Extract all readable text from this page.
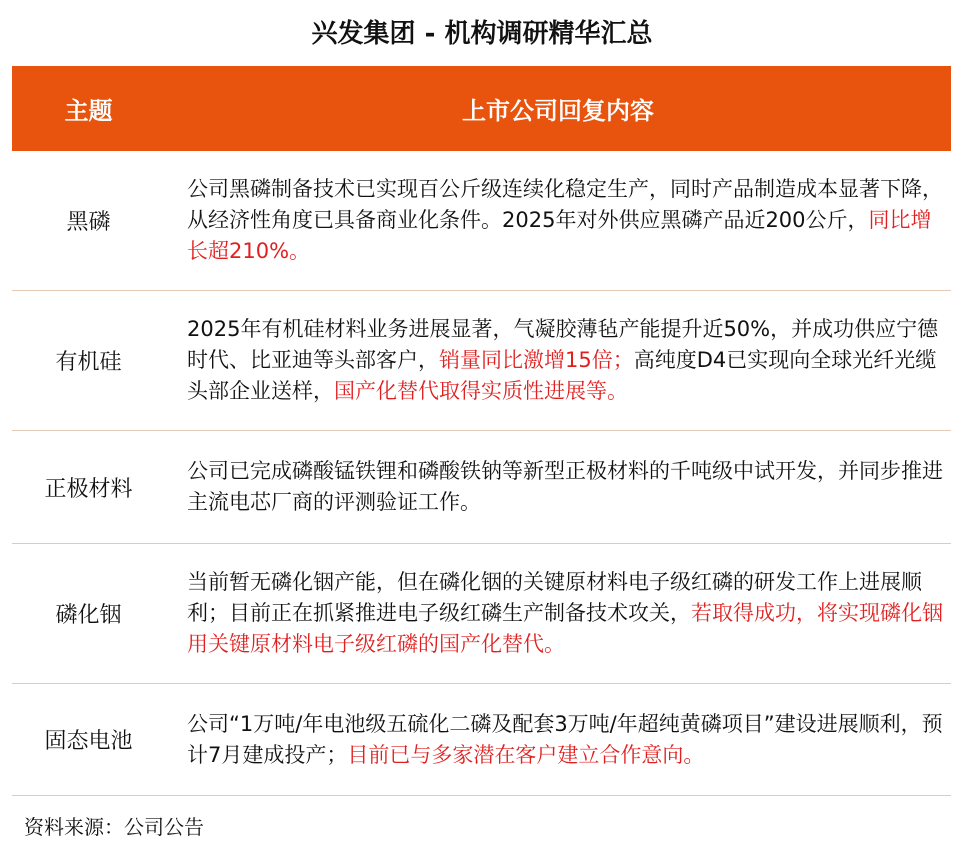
兴发集团 - 机构调研精华汇总
主题	上市公司回复内容
黑磷
公司黑磷制备技术已实现百公斤级连续化稳定生产，同时产品制造成本显著下降，从经济性角度已具备商业化条件。2025年对外供应黑磷产品近200公斤，同比增长超210%。
有机硅
2025年有机硅材料业务进展显著，气凝胶薄毡产能提升近50%，并成功供应宁德时代、比亚迪等头部客户，销量同比激增15倍；高纯度D4已实现向全球光纤光缆头部企业送样，国产化替代取得实质性进展等。
正极材料
公司已完成磷酸锰铁锂和磷酸铁钠等新型正极材料的千吨级中试开发，并同步推进主流电芯厂商的评测验证工作。
磷化铟
当前暂无磷化铟产能，但在磷化铟的关键原材料电子级红磷的研发工作上进展顺利；目前正在抓紧推进电子级红磷生产制备技术攻关，若取得成功，将实现磷化铟用关键原材料电子级红磷的国产化替代。
固态电池
公司“1万吨/年电池级五硫化二磷及配套3万吨/年超纯黄磷项目”建设进展顺利，预计7月建成投产；目前已与多家潜在客户建立合作意向。
资料来源：公司公告
